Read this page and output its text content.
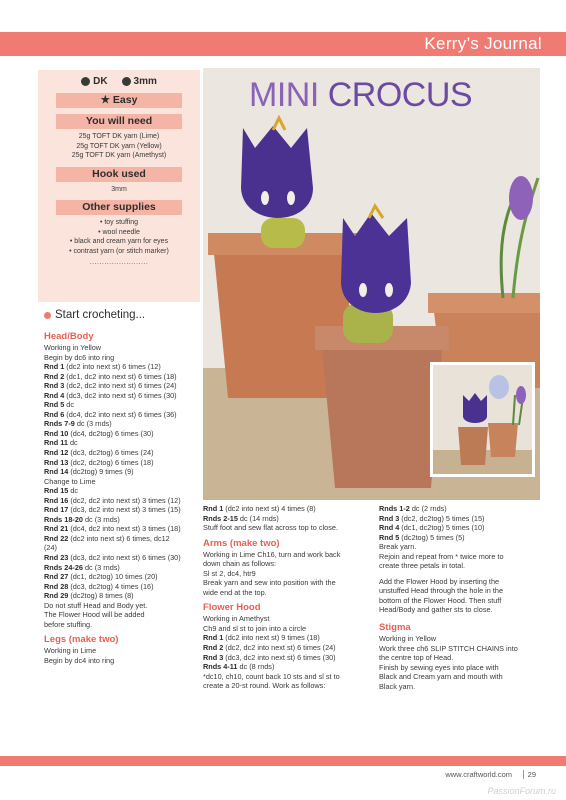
Kerry’s Journal
DK	3mm
★ Easy
You will need
25g TOFT DK yarn (Lime)
25g TOFT DK yarn (Yellow)
25g TOFT DK yarn (Amethyst)
Hook used
3mm
Other supplies
• toy stuffing
• wool needle
• black and cream yarn for eyes
• contrast yarn (or stitch marker)
........................
MINI CROCUS
Start crocheting...
Head/Body
Working in Yellow
Begin by dc6 into ring
Rnd 1 (dc2 into next st) 6 times (12)
Rnd 2 (dc1, dc2 into next st) 6 times (18)
Rnd 3 (dc2, dc2 into next st) 6 times (24)
Rnd 4 (dc3, dc2 into next st) 6 times (30)
Rnd 5 dc
Rnd 6 (dc4, dc2 into next st) 6 times (36)
Rnds 7-9 dc (3 rnds)
Rnd 10 (dc4, dc2tog) 6 times (30)
Rnd 11 dc
Rnd 12 (dc3, dc2tog) 6 times (24)
Rnd 13 (dc2, dc2tog) 6 times (18)
Rnd 14 (dc2tog) 9 times (9)
Change to Lime
Rnd 15 dc
Rnd 16 (dc2, dc2 into next st) 3 times (12)
Rnd 17 (dc3, dc2 into next st) 3 times (15)
Rnds 18-20 dc (3 rnds)
Rnd 21 (dc4, dc2 into next st) 3 times (18)
Rnd 22 (dc2 into next st) 6 times, dc12
(24)
Rnd 23 (dc3, dc2 into next st) 6 times (30)
Rnds 24-26 dc (3 rnds)
Rnd 27 (dc1, dc2tog) 10 times (20)
Rnd 28 (dc3, dc2tog) 4 times (16)
Rnd 29 (dc2tog) 8 times (8)
Do not stuff Head and Body yet.
The Flower Hood will be added
before stuffing.
Legs (make two)
Working in Lime
Begin by dc4 into ring
Rnd 1 (dc2 into next st) 4 times (8)
Rnds 2-15 dc (14 rnds)
Stuff foot and sew flat across top to close.
Arms (make two)
Working in Lime Ch16, turn and work back
down chain as follows:
Sl st 2, dc4, htr9
Break yarn and sew into position with the
wide end at the top.
Flower Hood
Working in Amethyst
Ch9 and sl st to join into a circle
Rnd 1 (dc2 into next st) 9 times (18)
Rnd 2 (dc2, dc2 into next st) 6 times (24)
Rnd 3 (dc3, dc2 into next st) 6 times (30)
Rnds 4-11 dc (8 rnds)
*dc10, ch10, count back 10 sts and sl st to
create a 20-st round. Work as follows:
Rnds 1-2 dc (2 rnds)
Rnd 3 (dc2, dc2tog) 5 times (15)
Rnd 4 (dc1, dc2tog) 5 times (10)
Rnd 5 (dc2tog) 5 times (5)
Break yarn.
Rejoin and repeat from * twice more to
create three petals in total.
Add the Flower Hood by inserting the
unstuffed Head through the hole in the
bottom of the Flower Hood. Then stuff
Head/Body and gather sts to close.
Stigma
Working in Yellow
Work three ch6 SLIP STITCH CHAINS into
the centre top of Head.
Finish by sewing eyes into place with
Black and Cream yarn and mouth with
Black yarn.
www.craftworld.com	29
PassionForum.ru
